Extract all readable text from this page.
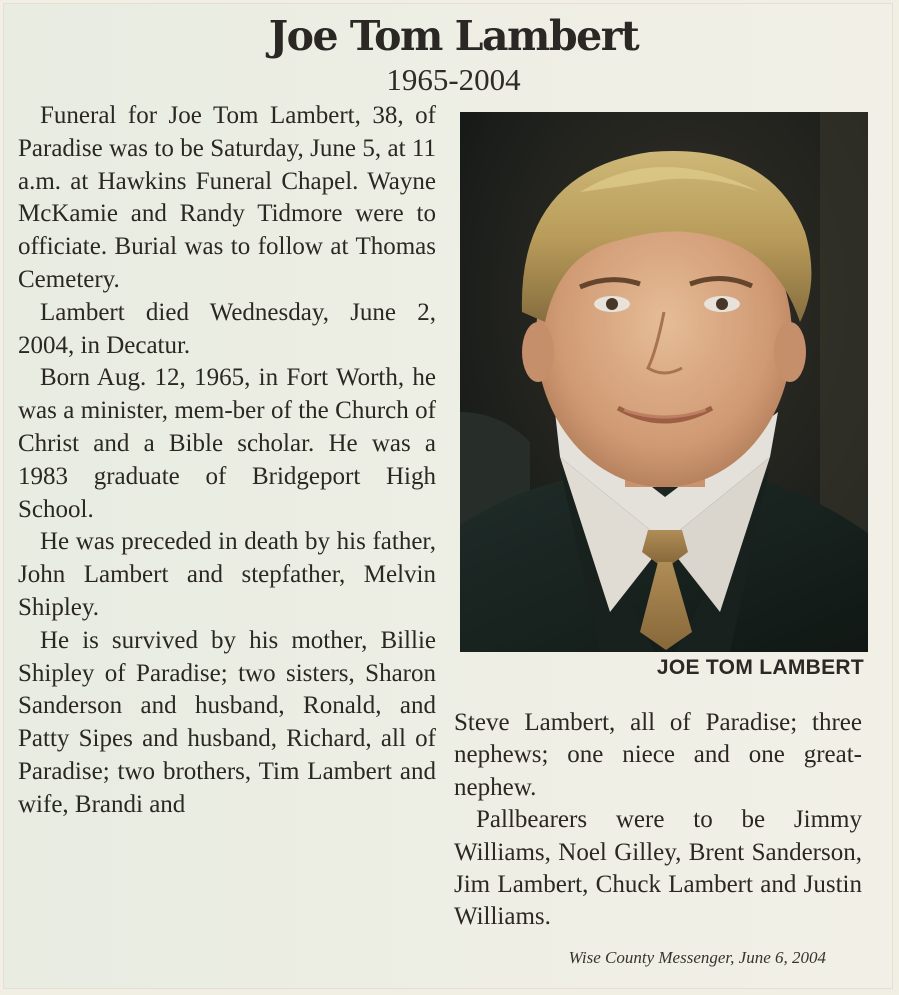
Joe Tom Lambert
1965-2004

Funeral for Joe Tom Lambert, 38, of Paradise was to be Saturday, June 5, at 11 a.m. at Hawkins Funeral Chapel. Wayne McKamie and Randy Tidmore were to officiate. Burial was to follow at Thomas Cemetery.

Lambert died Wednesday, June 2, 2004, in Decatur.

Born Aug. 12, 1965, in Fort Worth, he was a minister, mem-ber of the Church of Christ and a Bible scholar. He was a 1983 graduate of Bridgeport High School.

He was preceded in death by his father, John Lambert and stepfather, Melvin Shipley.

He is survived by his mother, Billie Shipley of Paradise; two sisters, Sharon Sanderson and husband, Ronald, and Patty Sipes and husband, Richard, all of Paradise; two brothers, Tim Lambert and wife, Brandi and

JOE TOM LAMBERT

Steve Lambert, all of Paradise; three nephews; one niece and one great-nephew.

Pallbearers were to be Jimmy Williams, Noel Gilley, Brent Sanderson, Jim Lambert, Chuck Lambert and Justin Williams.

Wise County Messenger, June 6, 2004
